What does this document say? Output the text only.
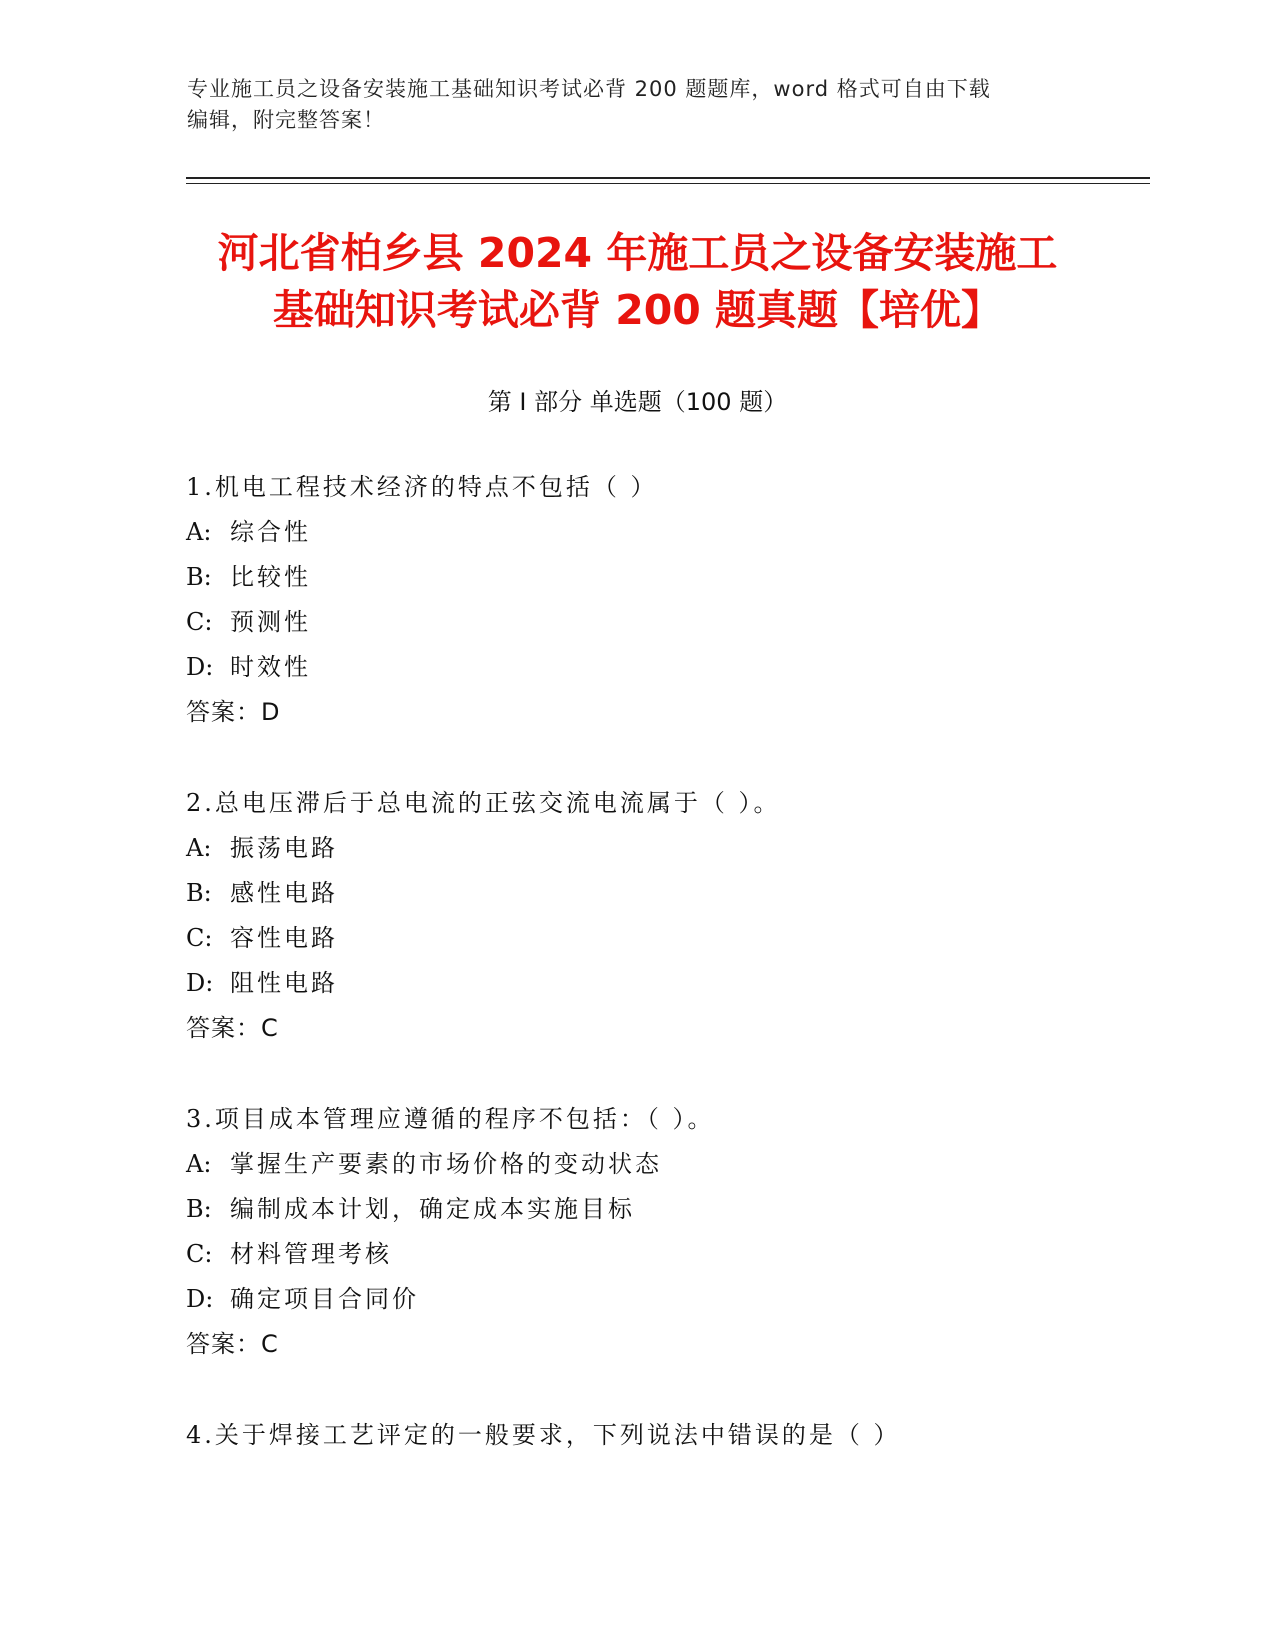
专业施工员之设备安装施工基础知识考试必背 200 题题库，word 格式可自由下载
编辑，附完整答案！
河北省柏乡县 2024 年施工员之设备安装施工
基础知识考试必背 200 题真题【培优】
第 I 部分 单选题（100 题）
1.机电工程技术经济的特点不包括（ ）
A: 综合性
B: 比较性
C: 预测性
D: 时效性
答案：D
2.总电压滞后于总电流的正弦交流电流属于（ ）。
A: 振荡电路
B: 感性电路
C: 容性电路
D: 阻性电路
答案：C
3.项目成本管理应遵循的程序不包括：（ ）。
A: 掌握生产要素的市场价格的变动状态
B: 编制成本计划，确定成本实施目标
C: 材料管理考核
D: 确定项目合同价
答案：C
4.关于焊接工艺评定的一般要求，下列说法中错误的是（ ）
